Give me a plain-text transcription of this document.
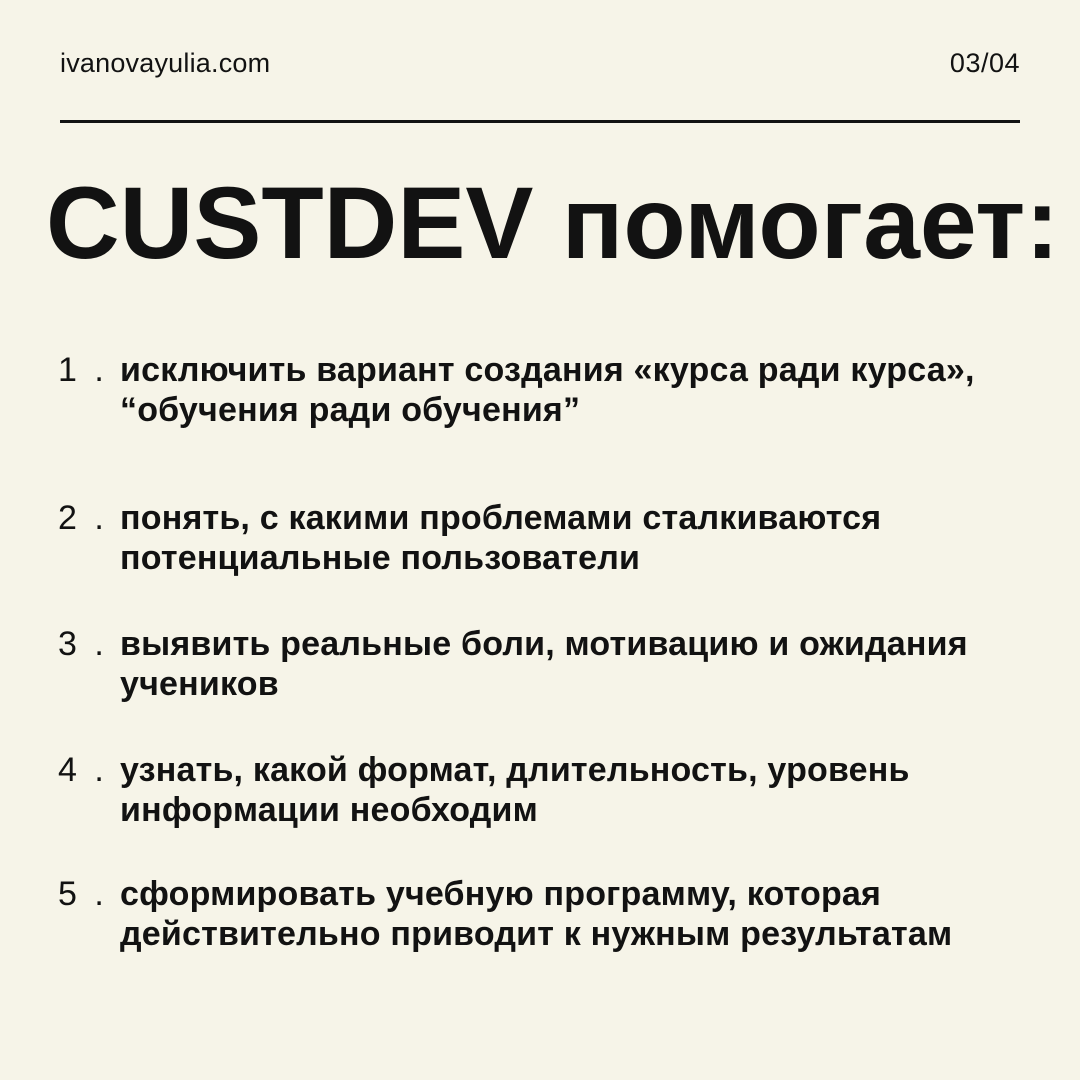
ivanovayulia.com	03/04
CUSTDEV помогает:
1 . исключить вариант создания «курса ради курса», “обучения ради обучения”
2 . понять, с какими проблемами сталкиваются потенциальные пользователи
3 . выявить реальные боли, мотивацию и ожидания учеников
4 . узнать, какой формат, длительность, уровень информации необходим
5 . сформировать учебную программу, которая действительно приводит к нужным результатам
